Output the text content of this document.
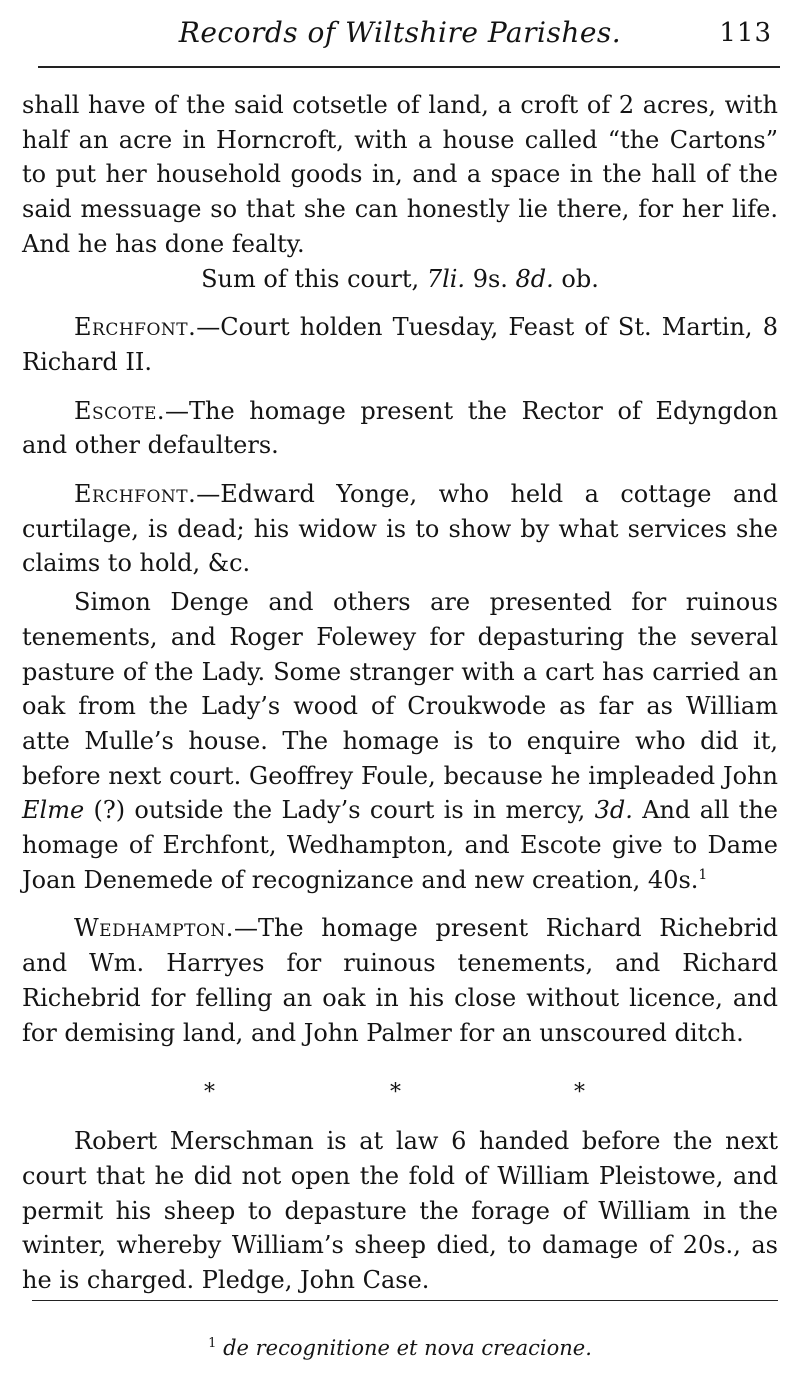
Records of Wiltshire Parishes.	113

shall have of the said cotsetle of land, a croft of 2 acres, with half an acre in Horncroft, with a house called “the Cartons” to put her household goods in, and a space in the hall of the said messuage so that she can honestly lie there, for her life. And he has done fealty.

Sum of this court, 7li. 9s. 8d. ob.

Erchfont.—Court holden Tuesday, Feast of St. Martin, 8 Richard II.

Escote.—The homage present the Rector of Edyngdon and other defaulters.

Erchfont.—Edward Yonge, who held a cottage and curtilage, is dead; his widow is to show by what services she claims to hold, &c.

Simon Denge and others are presented for ruinous tenements, and Roger Folewey for depasturing the several pasture of the Lady. Some stranger with a cart has carried an oak from the Lady’s wood of Croukwode as far as William atte Mulle’s house. The homage is to enquire who did it, before next court. Geoffrey Foule, because he impleaded John Elme (?) outside the Lady’s court is in mercy, 3d. And all the homage of Erchfont, Wedhampton, and Escote give to Dame Joan Denemede of recognizance and new creation, 40s.$^1$

Wedhampton.—The homage present Richard Richebrid and Wm. Harryes for ruinous tenements, and Richard Richebrid for felling an oak in his close without licence, and for demising land, and John Palmer for an unscoured ditch.

*	*	*

Robert Merschman is at law 6 handed before the next court that he did not open the fold of William Pleistowe, and permit his sheep to depasture the forage of William in the winter, whereby William’s sheep died, to damage of 20s., as he is charged. Pledge, John Case.

$^1$ de recognitione et nova creacione.
